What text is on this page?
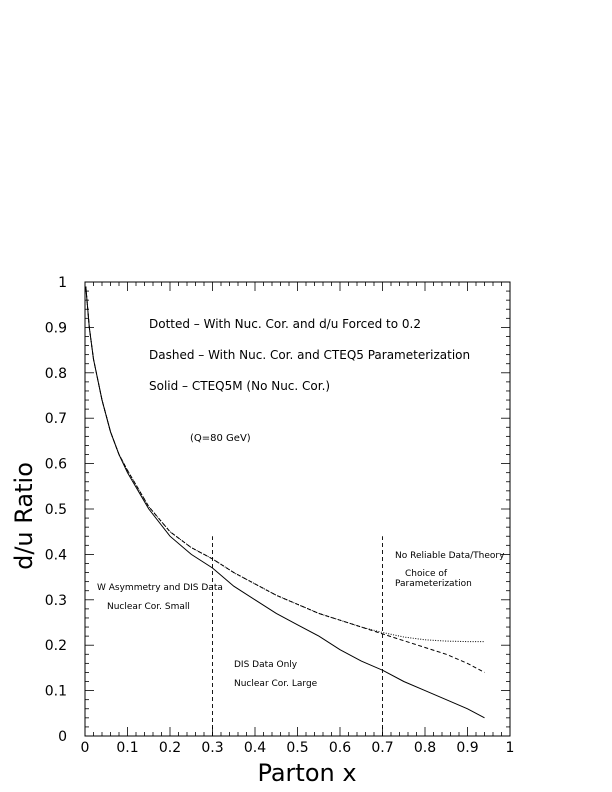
0 0.1 0.2 0.3 0.4 0.5 0.6 0.7 0.8 0.9 1
0
0.1
0.2
0.3
0.4
0.5
0.6
0.7
0.8
0.9
1
Parton x
d/u Ratio
Dotted – With Nuc. Cor. and d/u Forced to 0.2
Dashed – With Nuc. Cor. and CTEQ5 Parameterization
Solid – CTEQ5M (No Nuc. Cor.)
(Q=80 GeV)
W Asymmetry and DIS Data
Nuclear Cor. Small
DIS Data Only
Nuclear Cor. Large
No Reliable Data/Theory
Choice of
Parameterization
